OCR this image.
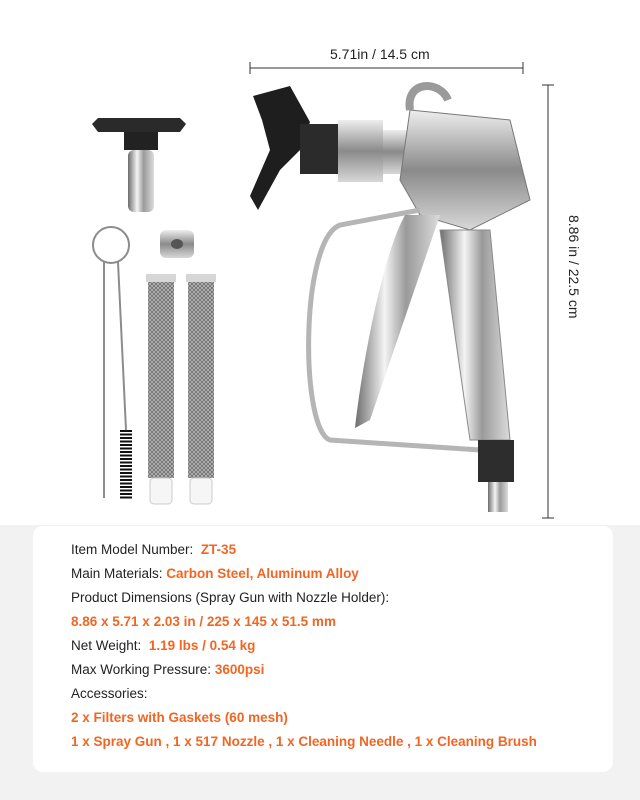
5.71in / 14.5 cm
8.86 in / 22.5 cm
Item Model Number: ZT-35
Main Materials: Carbon Steel, Aluminum Alloy
Product Dimensions (Spray Gun with Nozzle Holder):
8.86 x 5.71 x 2.03 in / 225 x 145 x 51.5 mm
Net Weight: 1.19 lbs / 0.54 kg
Max Working Pressure: 3600psi
Accessories:
2 x Filters with Gaskets (60 mesh)
1 x Spray Gun , 1 x 517 Nozzle , 1 x Cleaning Needle , 1 x Cleaning Brush
